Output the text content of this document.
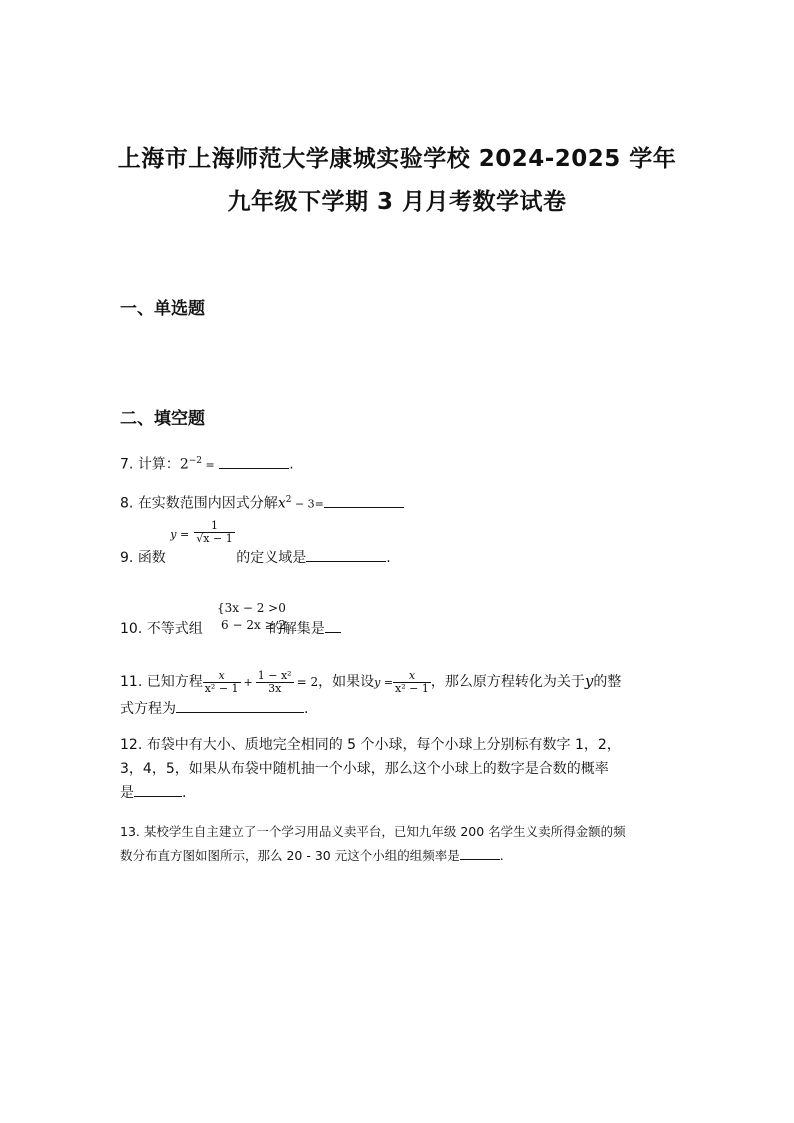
上海市上海师范大学康城实验学校 2024-2025 学年
九年级下学期 3 月月考数学试卷
一、单选题
二、填空题
7. 计算：$2^{-2}$ =	.
8. 在实数范围内因式分解$x^2 - 3=$
9. 函数
$y = \frac{1}{√x - 1}$
的定义域是	.
{3x − 2 >0
6 − 2x ≥ 2
10. 不等式组	的解集是
11. 已知方程 $\frac{x}{\text{x² − 1}} + \frac{\text{1 − x²}}{3x} = 2$，如果设$y = \frac{x}{\text{x² − 1}}$ ，那么原方程转化为关于y的整
式方程为	.
12. 布袋中有大小、质地完全相同的 5 个小球，每个小球上分别标有数字 1，2，
3，4，5，如果从布袋中随机抽一个小球，那么这个小球上的数字是合数的概率
是	.
13. 某校学生自主建立了一个学习用品义卖平台，已知九年级 200 名学生义卖所得金额的频
数分布直方图如图所示，那么 20 - 30 元这个小组的组频率是	.
